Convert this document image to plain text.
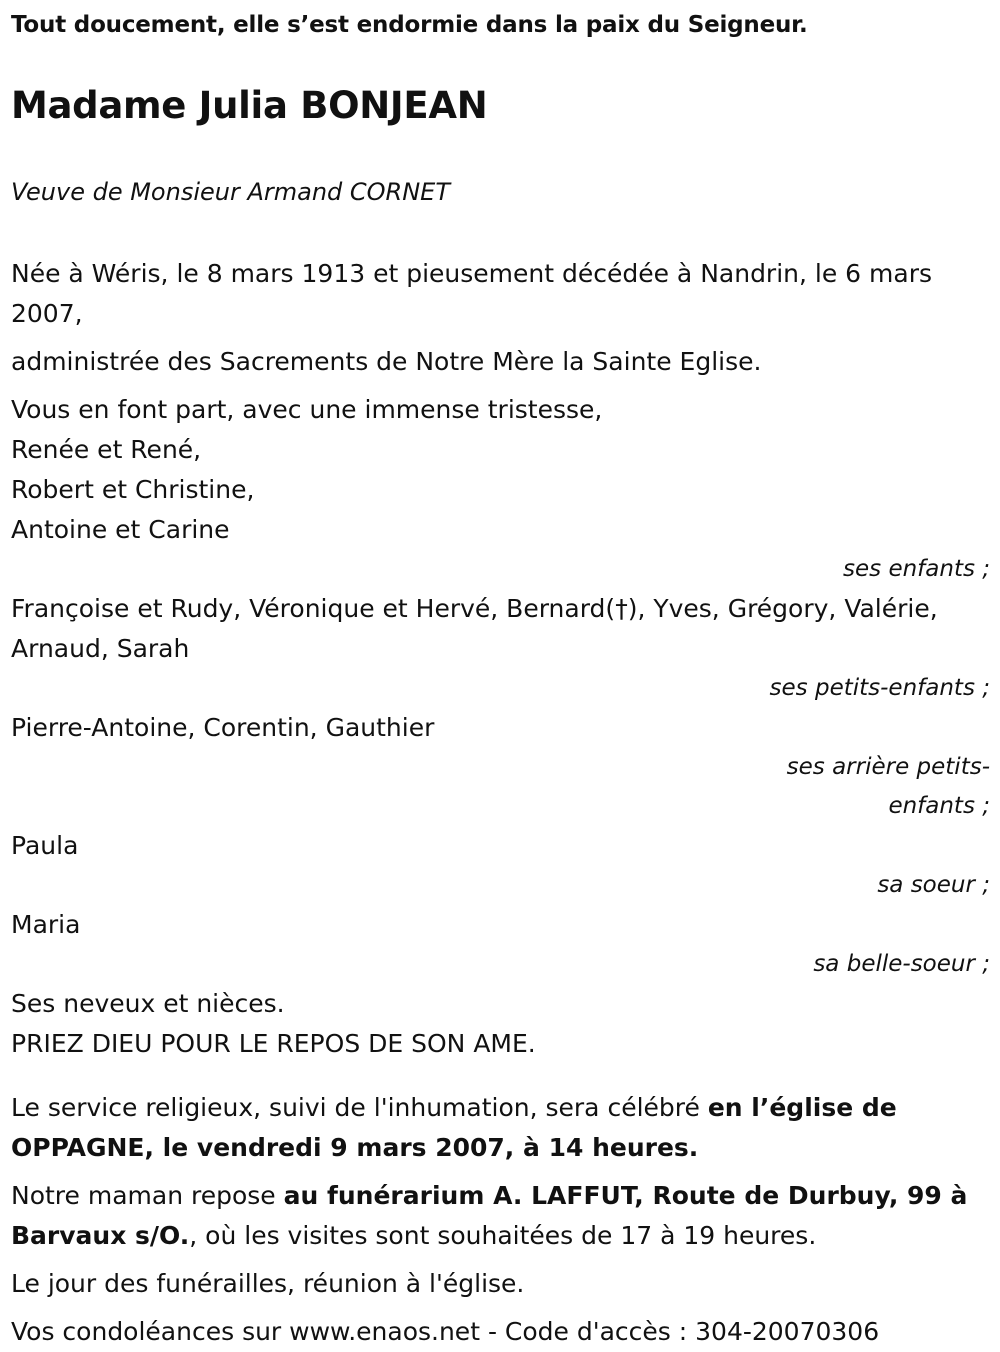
Tout doucement, elle s’est endormie dans la paix du Seigneur.
Madame Julia BONJEAN
Veuve de Monsieur Armand CORNET

Née à Wéris, le 8 mars 1913 et pieusement décédée à Nandrin, le 6 mars 2007,

administrée des Sacrements de Notre Mère la Sainte Eglise.

Vous en font part, avec une immense tristesse,

Renée et René,

Robert et Christine,

Antoine et Carine

ses enfants ;

Françoise et Rudy, Véronique et Hervé, Bernard(†), Yves, Grégory, Valérie, Arnaud, Sarah

ses petits-enfants ;

Pierre-Antoine, Corentin, Gauthier

ses arrière petits-enfants ;

Paula

sa soeur ;

Maria

sa belle-soeur ;

Ses neveux et nièces.

PRIEZ DIEU POUR LE REPOS DE SON AME.

Le service religieux, suivi de l'inhumation, sera célébré en l’église de OPPAGNE, le vendredi 9 mars 2007, à 14 heures.

Notre maman repose au funérarium A. LAFFUT, Route de Durbuy, 99 à Barvaux s/O., où les visites sont souhaitées de 17 à 19 heures.

Le jour des funérailles, réunion à l'église.

Vos condoléances sur www.enaos.net - Code d'accès : 304-20070306
